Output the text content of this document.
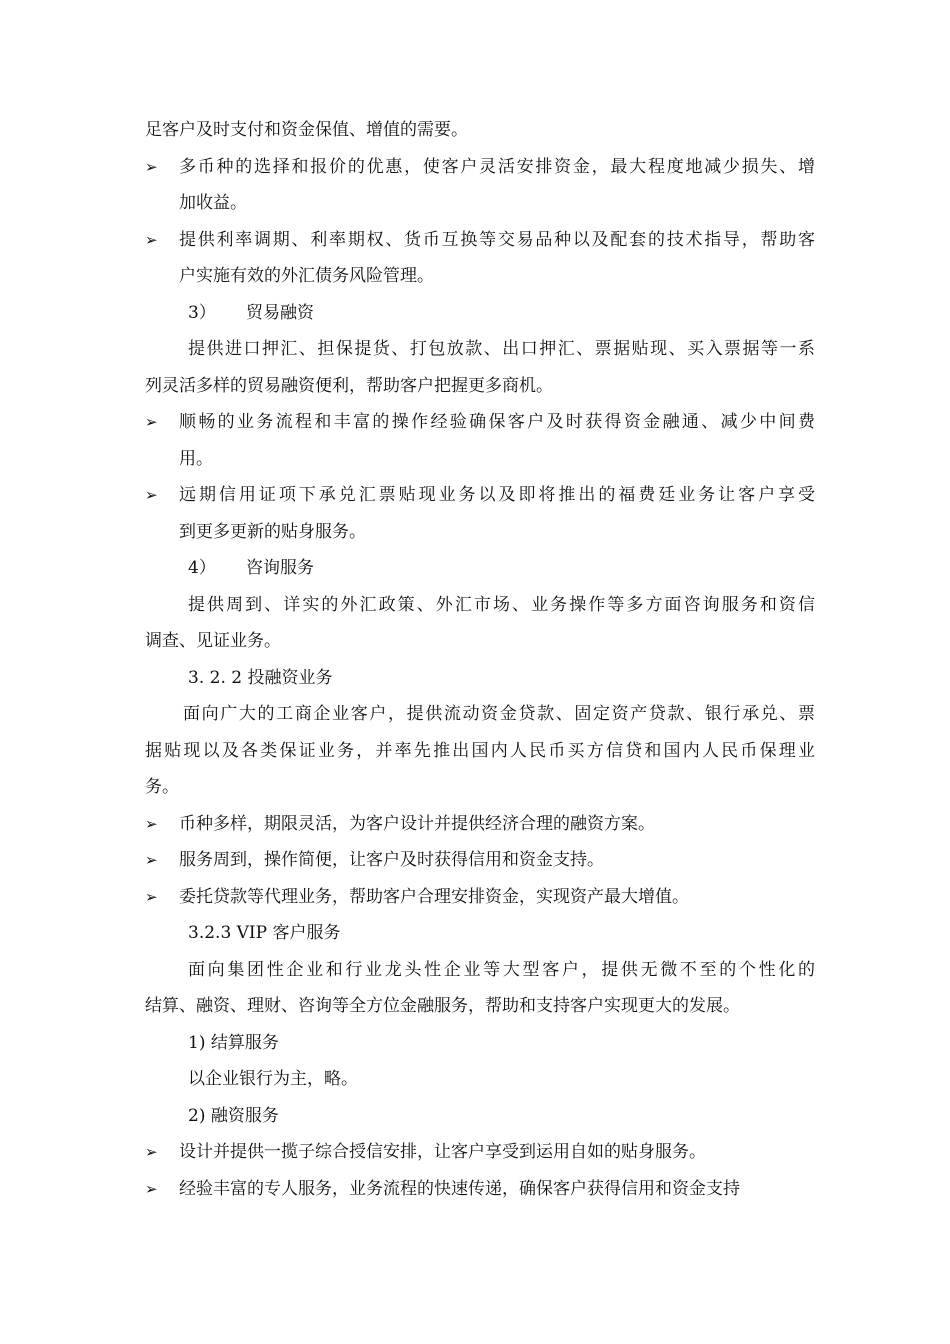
足客户及时支付和资金保值、增值的需要。
➢	多币种的选择和报价的优惠，使客户灵活安排资金，最大程度地减少损失、增
加收益。
➢	提供利率调期、利率期权、货币互换等交易品种以及配套的技术指导，帮助客
户实施有效的外汇债务风险管理。
3） 贸易融资
提供进口押汇、担保提货、打包放款、出口押汇、票据贴现、买入票据等一系
列灵活多样的贸易融资便利，帮助客户把握更多商机。
➢	顺畅的业务流程和丰富的操作经验确保客户及时获得资金融通、减少中间费
用。
➢	远期信用证项下承兑汇票贴现业务以及即将推出的福费廷业务让客户享受
到更多更新的贴身服务。
4） 咨询服务
提供周到、详实的外汇政策、外汇市场、业务操作等多方面咨询服务和资信
调查、见证业务。
3. 2. 2 投融资业务
面向广大的工商企业客户，提供流动资金贷款、固定资产贷款、银行承兑、票
据贴现以及各类保证业务，并率先推出国内人民币买方信贷和国内人民币保理业
务。
➢	币种多样，期限灵活，为客户设计并提供经济合理的融资方案。
➢	服务周到，操作简便，让客户及时获得信用和资金支持。
➢	委托贷款等代理业务，帮助客户合理安排资金，实现资产最大增值。
3.2.3 VIP 客户服务
面向集团性企业和行业龙头性企业等大型客户，提供无微不至的个性化的
结算、融资、理财、咨询等全方位金融服务，帮助和支持客户实现更大的发展。
1) 结算服务
以企业银行为主，略。
2) 融资服务
➢	设计并提供一揽子综合授信安排，让客户享受到运用自如的贴身服务。
➢	经验丰富的专人服务，业务流程的快速传递，确保客户获得信用和资金支持
